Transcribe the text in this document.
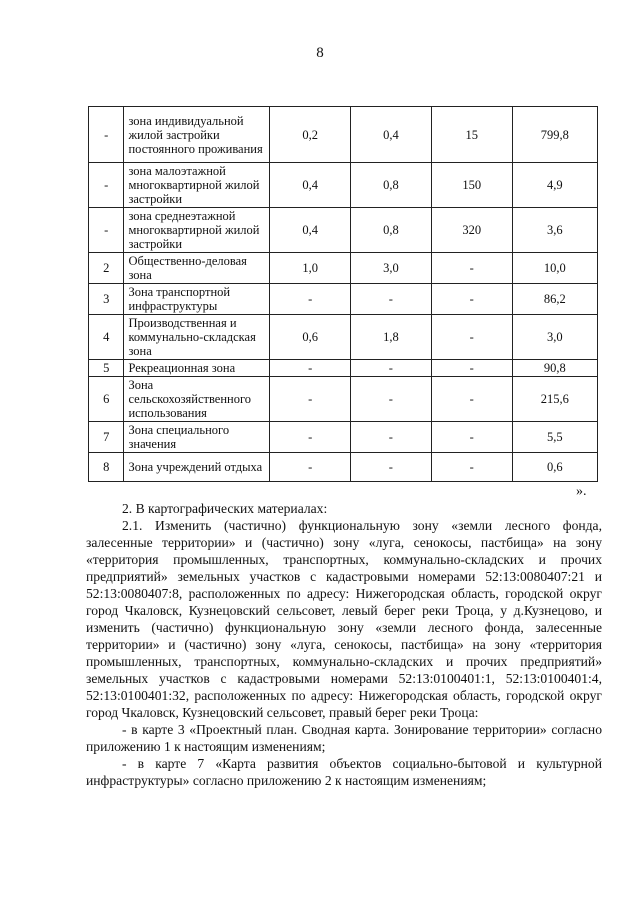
8
-	зона индивидуальной жилой застройки постоянного проживания	0,2	0,4	15	799,8
-	зона малоэтажной многоквартирной жилой застройки	0,4	0,8	150	4,9
-	зона среднеэтажной многоквартирной жилой застройки	0,4	0,8	320	3,6
2	Общественно-деловая зона	1,0	3,0	-	10,0
3	Зона транспортной инфраструктуры	-	-	-	86,2
4	Производственная и коммунально-складская зона	0,6	1,8	-	3,0
5	Рекреационная зона	-	-	-	90,8
6	Зона сельскохозяйственного использования	-	-	-	215,6
7	Зона специального значения	-	-	-	5,5
8	Зона учреждений отдыха	-	-	-	0,6
».

2. В картографических материалах:

2.1. Изменить (частично) функциональную зону «земли лесного фонда, залесенные территории» и (частично) зону «луга, сенокосы, пастбища» на зону «территория промышленных, транспортных, коммунально-складских и прочих предприятий» земельных участков с кадастровыми номерами 52:13:0080407:21 и 52:13:0080407:8, расположенных по адресу: Нижегородская область, городской округ город Чкаловск, Кузнецовский сельсовет, левый берег реки Троца, у д.Кузнецово, и изменить (частично) функциональную зону «земли лесного фонда, залесенные территории» и (частично) зону «луга, сенокосы, пастбища» на зону «территория промышленных, транспортных, коммунально-складских и прочих предприятий» земельных участков с кадастровыми номерами 52:13:0100401:1, 52:13:0100401:4, 52:13:0100401:32, расположенных по адресу: Нижегородская область, городской округ город Чкаловск, Кузнецовский сельсовет, правый берег реки Троца:

- в карте 3 «Проектный план. Сводная карта. Зонирование территории» согласно приложению 1 к настоящим изменениям;

- в карте 7 «Карта развития объектов социально-бытовой и культурной инфраструктуры» согласно приложению 2 к настоящим изменениям;
